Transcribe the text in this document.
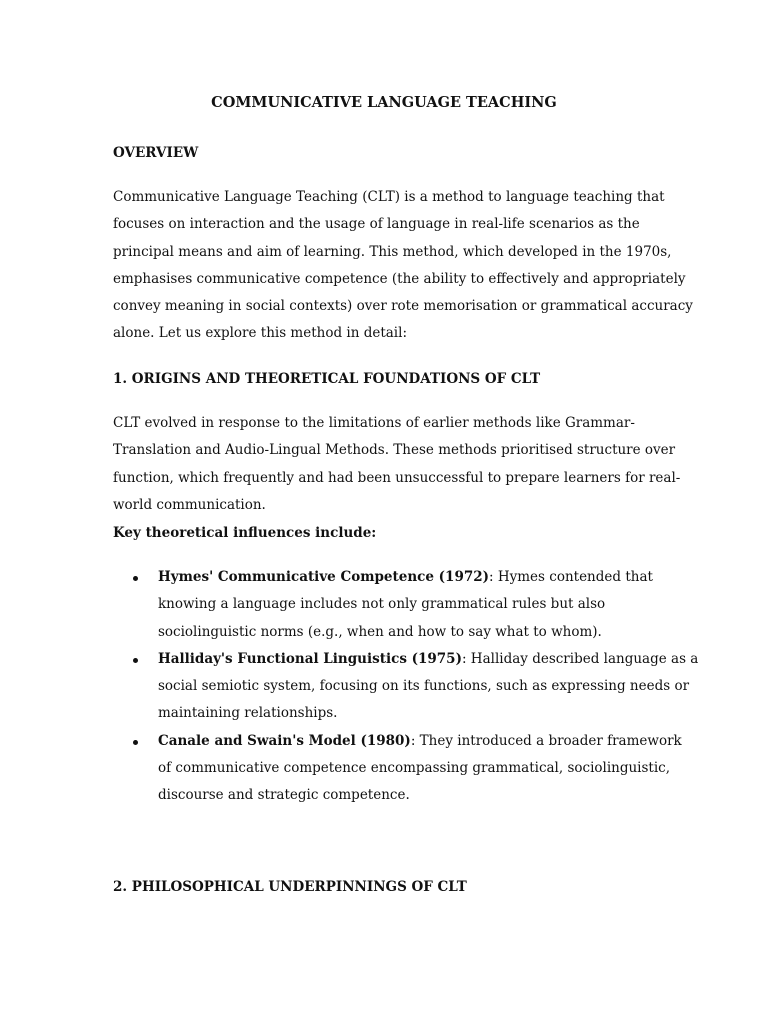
COMMUNICATIVE LANGUAGE TEACHING
OVERVIEW

Communicative Language Teaching (CLT) is a method to language teaching that
focuses on interaction and the usage of language in real-life scenarios as the
principal means and aim of learning. This method, which developed in the 1970s,
emphasises communicative competence (the ability to effectively and appropriately
convey meaning in social contexts) over rote memorisation or grammatical accuracy
alone. Let us explore this method in detail:

1. ORIGINS AND THEORETICAL FOUNDATIONS OF CLT

CLT evolved in response to the limitations of earlier methods like Grammar-
Translation and Audio-Lingual Methods. These methods prioritised structure over
function, which frequently and had been unsuccessful to prepare learners for real-
world communication.

Key theoretical influences include:

Hymes' Communicative Competence (1972): Hymes contended that
knowing a language includes not only grammatical rules but also
sociolinguistic norms (e.g., when and how to say what to whom).
Halliday's Functional Linguistics (1975): Halliday described language as a
social semiotic system, focusing on its functions, such as expressing needs or
maintaining relationships.
Canale and Swain's Model (1980): They introduced a broader framework
of communicative competence encompassing grammatical, sociolinguistic,
discourse and strategic competence.
2. PHILOSOPHICAL UNDERPINNINGS OF CLT
